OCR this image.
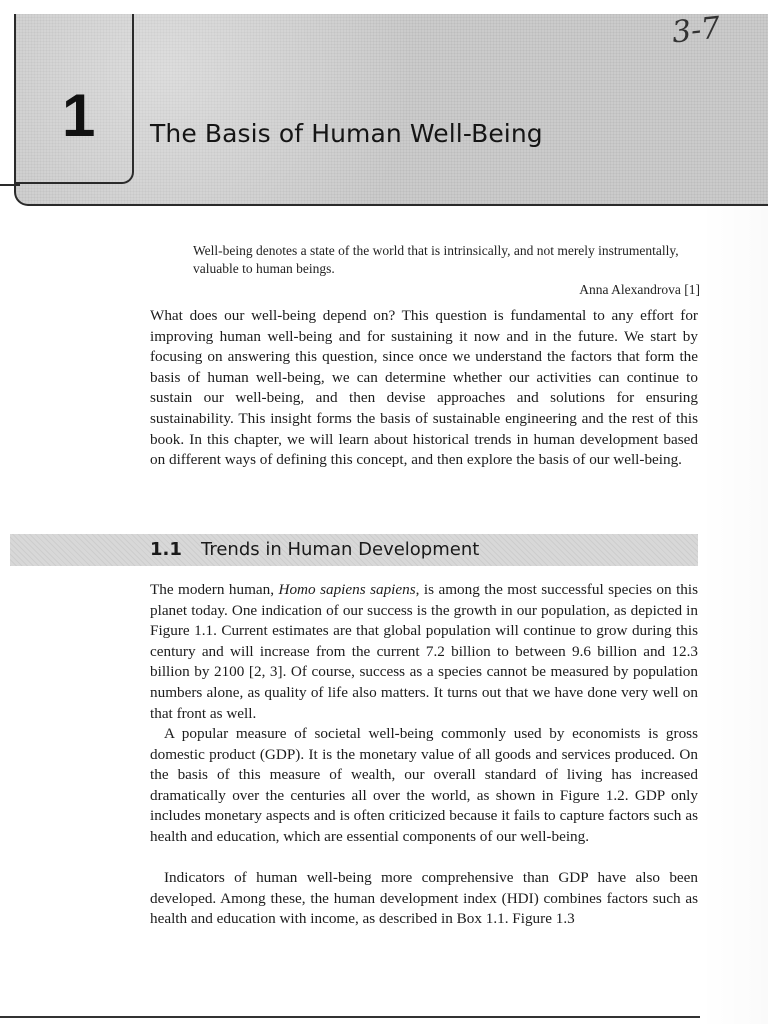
1 The Basis of Human Well-Being
3-7
Well-being denotes a state of the world that is intrinsically, and not merely instrumentally, valuable to human beings.
Anna Alexandrova [1]

What does our well-being depend on? This question is fundamental to any effort for improving human well-being and for sustaining it now and in the future. We start by focusing on answering this question, since once we understand the factors that form the basis of human well-being, we can determine whether our activities can continue to sustain our well-being, and then devise approaches and solutions for ensuring sustainability. This insight forms the basis of sustainable engineering and the rest of this book. In this chapter, we will learn about historical trends in human development based on different ways of defining this concept, and then explore the basis of our well-being.

1.1 Trends in Human Development

The modern human, Homo sapiens sapiens, is among the most successful species on this planet today. One indication of our success is the growth in our population, as depicted in Figure 1.1. Current estimates are that global population will continue to grow during this century and will increase from the current 7.2 billion to between 9.6 billion and 12.3 billion by 2100 [2, 3]. Of course, success as a species cannot be measured by population numbers alone, as quality of life also matters. It turns out that we have done very well on that front as well.

A popular measure of societal well-being commonly used by economists is gross domestic product (GDP). It is the monetary value of all goods and services produced. On the basis of this measure of wealth, our overall standard of living has increased dramatically over the centuries all over the world, as shown in Figure 1.2. GDP only includes monetary aspects and is often criticized because it fails to capture factors such as health and education, which are essential components of our well-being.

Indicators of human well-being more comprehensive than GDP have also been developed. Among these, the human development index (HDI) combines factors such as health and education with income, as described in Box 1.1. Figure 1.3
